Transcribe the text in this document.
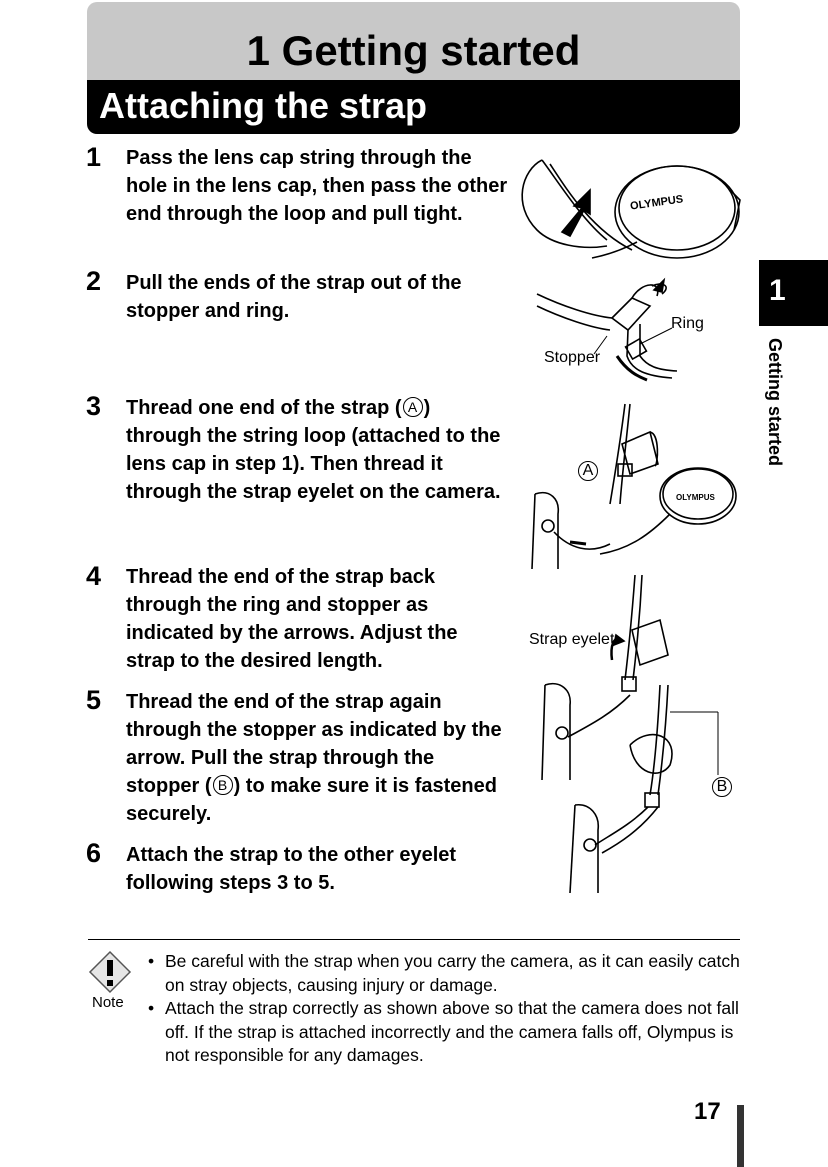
1 Getting started
Attaching the strap
1 Pass the lens cap string through the hole in the lens cap, then pass the other end through the loop and pull tight.
2 Pull the ends of the strap out of the stopper and ring.
3 Thread one end of the strap ( A ) through the string loop (attached to the lens cap in step 1). Then thread it through the strap eyelet on the camera.
4 Thread the end of the strap back through the ring and stopper as indicated by the arrows. Adjust the strap to the desired length.
5 Thread the end of the strap again through the stopper as indicated by the arrow. Pull the strap through the stopper ( B ) to make sure it is fastened securely.
6 Attach the strap to the other eyelet following steps 3 to 5.
OLYMPUS
Ring
Stopper
A
OLYMPUS
Strap eyelet
B
1
Getting started
Note
• Be careful with the strap when you carry the camera, as it can easily catch on stray objects, causing injury or damage.
• Attach the strap correctly as shown above so that the camera does not fall off. If the strap is attached incorrectly and the camera falls off, Olympus is not responsible for any damages.
17
